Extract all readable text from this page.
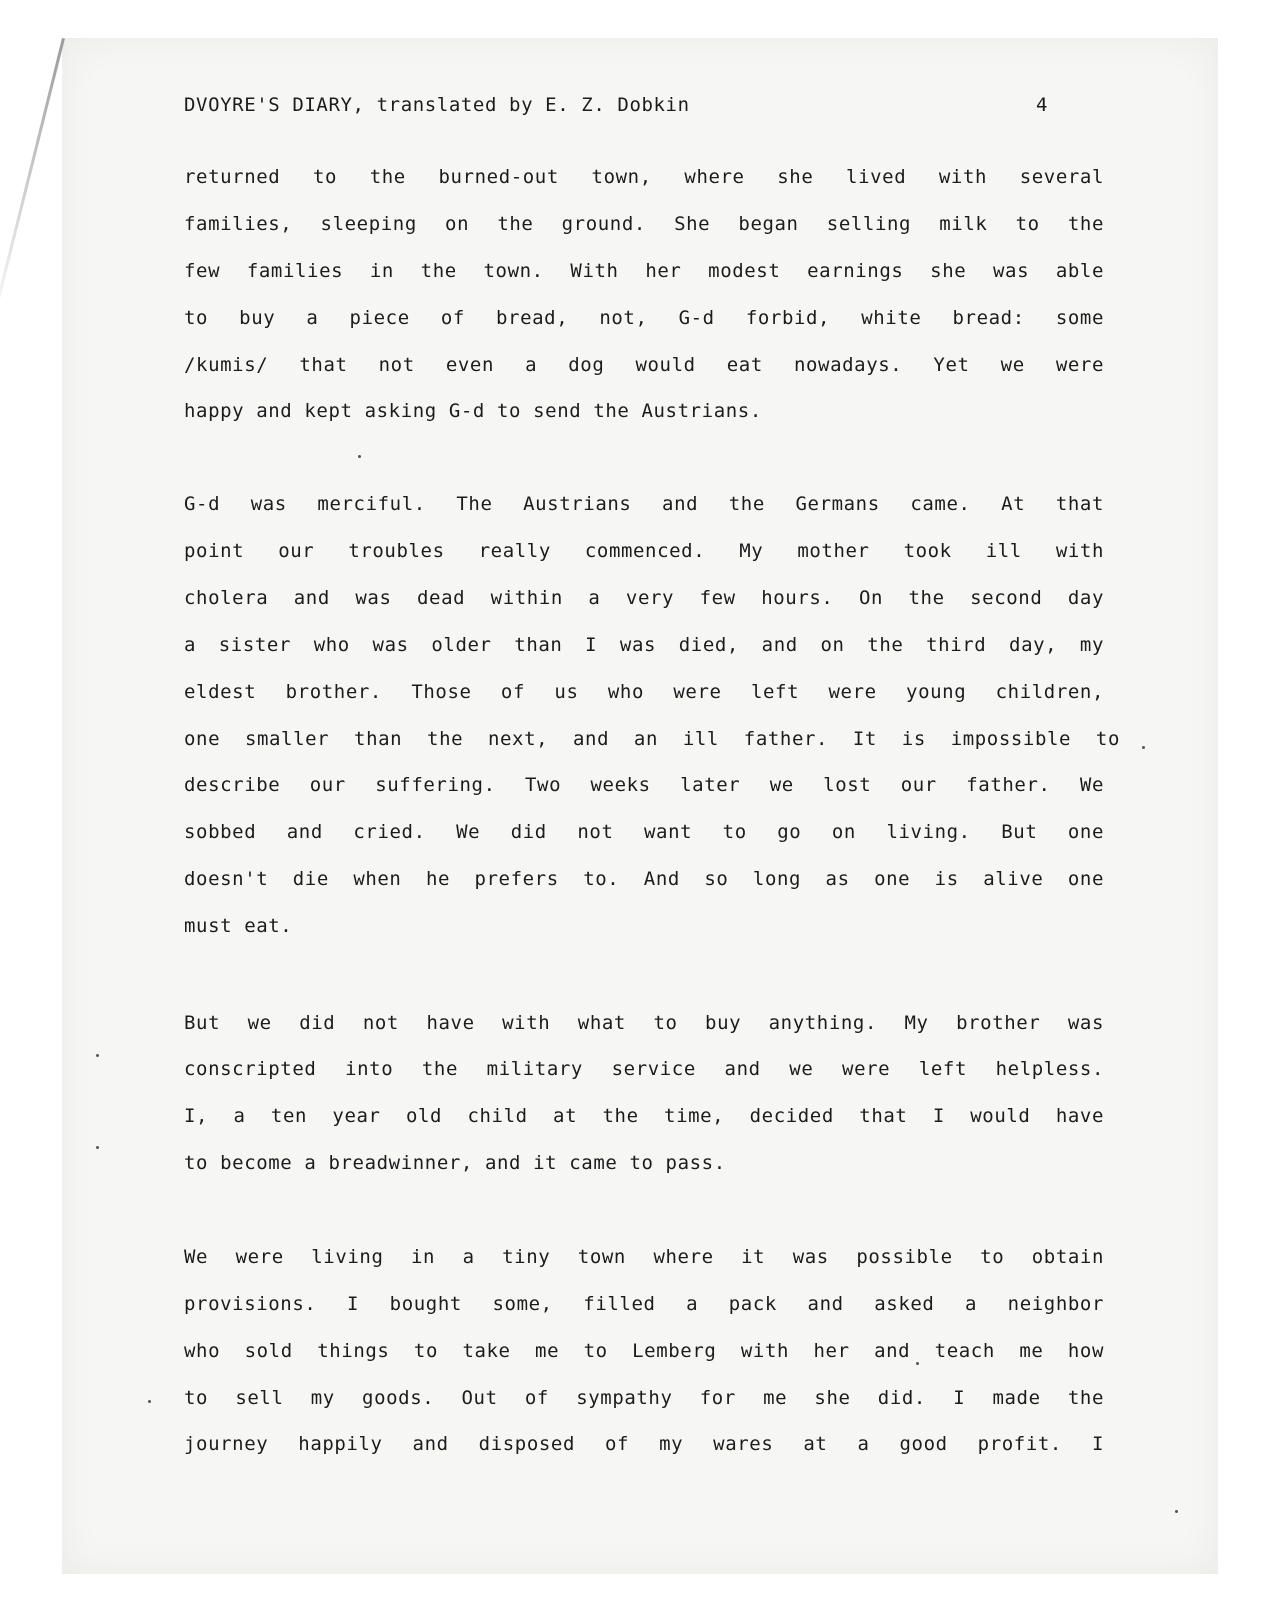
DVOYRE'S DIARY, translated by E. Z. Dobkin	4
returned to the burned-out town, where she lived with several
families, sleeping on the ground. She began selling milk to the
few families in the town. With her modest earnings she was able
to buy a piece of bread, not, G-d forbid, white bread: some
/kumis/ that not even a dog would eat nowadays. Yet we were
happy and kept asking G-d to send the Austrians.
G-d was merciful. The Austrians and the Germans came. At that
point our troubles really commenced. My mother took ill with
cholera and was dead within a very few hours. On the second day
a sister who was older than I was died, and on the third day, my
eldest brother. Those of us who were left were young children,
one smaller than the next, and an ill father. It is impossible to
describe our suffering. Two weeks later we lost our father. We
sobbed and cried. We did not want to go on living. But one
doesn't die when he prefers to. And so long as one is alive one
must eat.
But we did not have with what to buy anything. My brother was
conscripted into the military service and we were left helpless.
I, a ten year old child at the time, decided that I would have
to become a breadwinner, and it came to pass.
We were living in a tiny town where it was possible to obtain
provisions. I bought some, filled a pack and asked a neighbor
who sold things to take me to Lemberg with her and teach me how
to sell my goods. Out of sympathy for me she did. I made the
journey happily and disposed of my wares at a good profit. I
